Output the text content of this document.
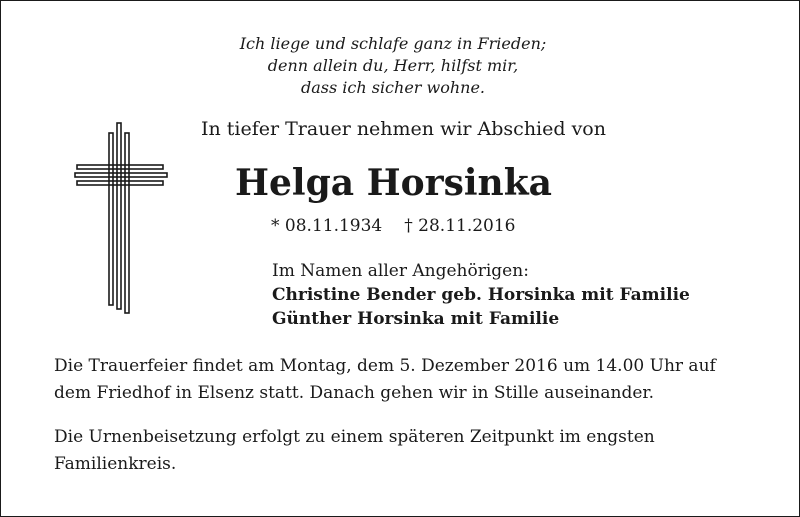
Ich liege und schlafe ganz in Frieden;
denn allein du, Herr, hilfst mir,
dass ich sicher wohne.
In tiefer Trauer nehmen wir Abschied von
Helga Horsinka
* 08.11.1934 † 28.11.2016
Im Namen aller Angehörigen:
Christine Bender geb. Horsinka mit Familie
Günther Horsinka mit Familie
Die Trauerfeier findet am Montag, dem 5. Dezember 2016 um 14.00 Uhr auf
dem Friedhof in Elsenz statt. Danach gehen wir in Stille auseinander.
Die Urnenbeisetzung erfolgt zu einem späteren Zeitpunkt im engsten
Familienkreis.
